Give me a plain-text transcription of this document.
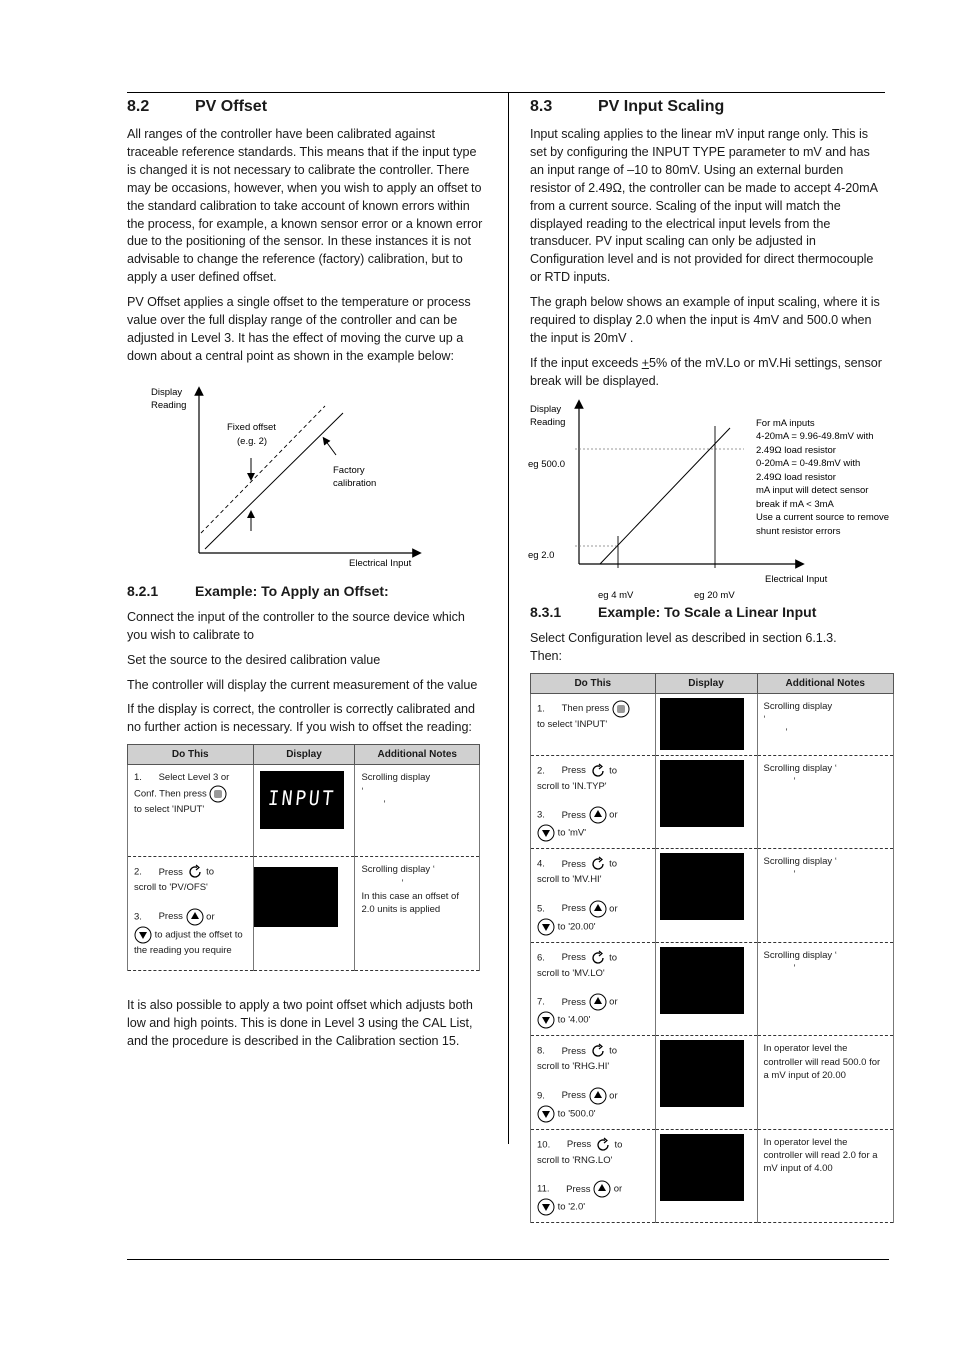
8.2	PV Offset

All ranges of the controller have been calibrated against traceable reference standards. This means that if the input type is changed it is not necessary to calibrate the controller. There may be occasions, however, when you wish to apply an offset to the standard calibration to take account of known errors within the process, for example, a known sensor error or a known error due to the positioning of the sensor. In these instances it is not advisable to change the reference (factory) calibration, but to apply a user defined offset.

PV Offset applies a single offset to the temperature or process value over the full display range of the controller and can be adjusted in Level 3. It has the effect of moving the curve up a down about a central point as shown in the example below:

Display
Reading
Fixed offset
(e.g. 2)
Factory
calibration
Electrical Input
8.2.1	Example: To Apply an Offset:

Connect the input of the controller to the source device which you wish to calibrate to

Set the source to the desired calibration value

The controller will display the current measurement of the value

If the display is correct, the controller is correctly calibrated and no further action is necessary. If you wish to offset the reading:

Do This	Display	Additional Notes
1. Select Level 3 or
Conf. Then press
to select 'INPUT'	INPUT	Scrolling display
‘
’
2. Press to
scroll to 'PV/OFS'

3. Press or
to adjust the offset to the reading you require		Scrolling display ‘
’
In this case an offset of 2.0 units is applied

It is also possible to apply a two point offset which adjusts both low and high points. This is done in Level 3 using the CAL List, and the procedure is described in the Calibration section 15.

8.3	PV Input Scaling

Input scaling applies to the linear mV input range only. This is set by configuring the INPUT TYPE parameter to mV and has an input range of –10 to 80mV. Using an external burden resistor of 2.49Ω, the controller can be made to accept 4-20mA from a current source. Scaling of the input will match the displayed reading to the electrical input levels from the transducer. PV input scaling can only be adjusted in Configuration level and is not provided for direct thermocouple or RTD inputs.

The graph below shows an example of input scaling, where it is required to display 2.0 when the input is 4mV and 500.0 when the input is 20mV .

If the input exceeds +5% of the mV.Lo or mV.Hi settings, sensor break will be displayed.

Display
Reading
eg 500.0
eg 2.0
eg 4 mV	eg 20 mV
Electrical Input
For mA inputs
4-20mA = 9.96-49.8mV with
2.49Ω load resistor
0-20mA = 0-49.8mV with
2.49Ω load resistor
mA input will detect sensor
break if mA < 3mA
Use a current source to remove
shunt resistor errors
8.3.1	Example: To Scale a Linear Input

Select Configuration level as described in section 6.1.3. Then:

Do This	Display	Additional Notes
1. Then press
to select 'INPUT'		Scrolling display
‘
’
2. Press to
scroll to 'IN.TYP'

3. Press or
to 'mV'		Scrolling display ‘
’
4. Press to
scroll to 'MV.HI'

5. Press or
to '20.00'		Scrolling display ‘
’
6. Press to
scroll to 'MV.LO'

7. Press or
to '4.00'		Scrolling display ‘
’
8. Press to
scroll to 'RHG.HI'

9. Press or
to '500.0'		In operator level the controller will read 500.0 for a mV input of 20.00
10. Press to
scroll to 'RNG.LO'

11. Press or
to '2.0'		In operator level the controller will read 2.0 for a mV input of 4.00
